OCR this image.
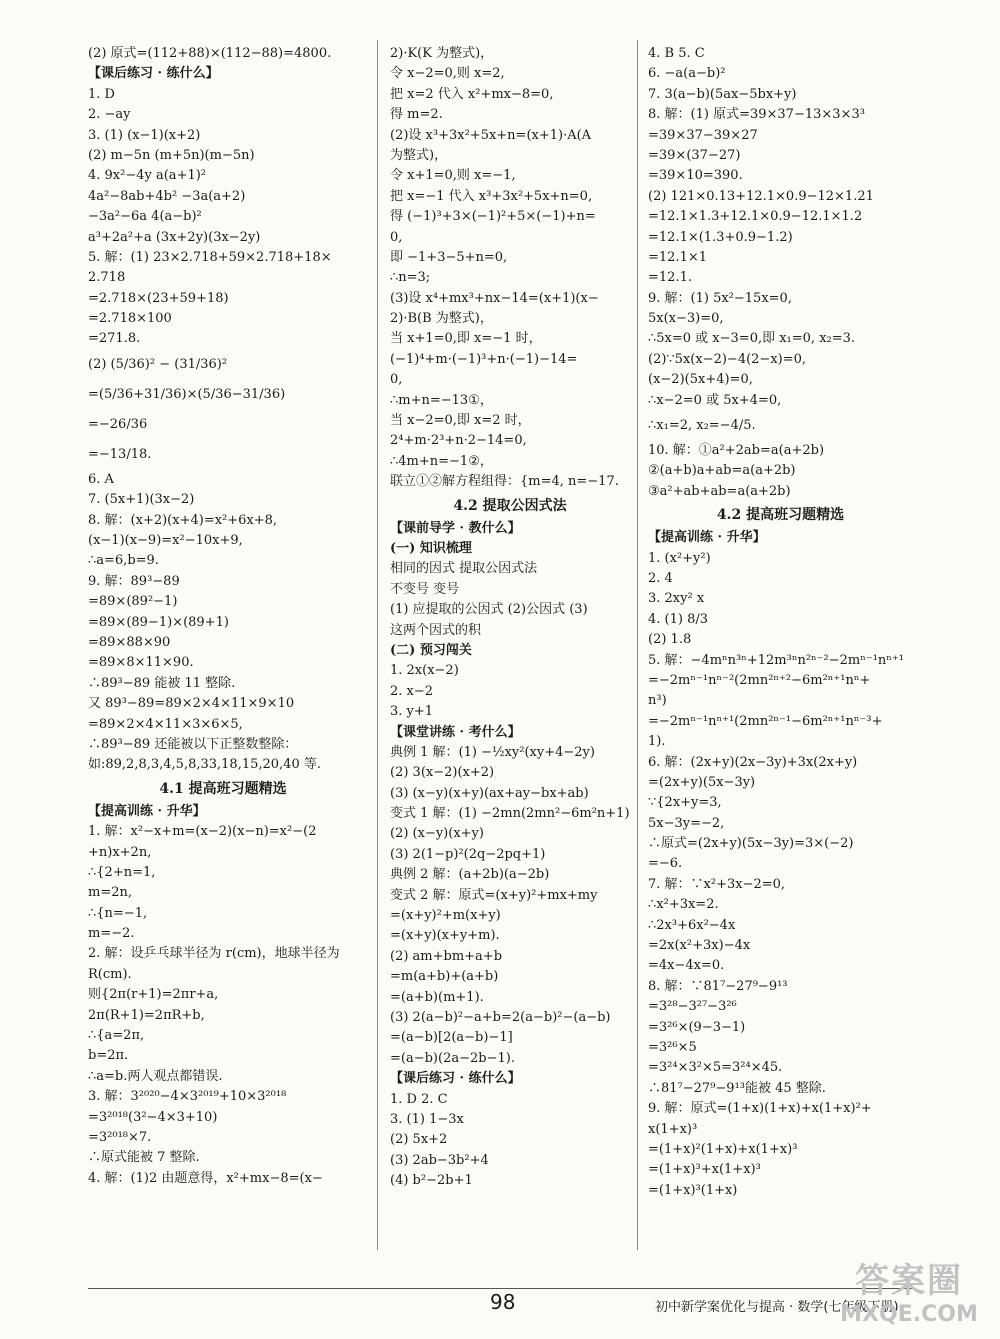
(2) 原式=(112+88)×(112−88)=4800.
【课后练习 · 练什么】
1. D
2. −ay
3. (1) (x−1)(x+2)
(2) m−5n (m+5n)(m−5n)
4. 9x²−4y a(a+1)²
4a²−8ab+4b² −3a(a+2)
−3a²−6a 4(a−b)²
a³+2a²+a (3x+2y)(3x−2y)
5. 解：(1) 23×2.718+59×2.718+18×
2.718
=2.718×(23+59+18)
=2.718×100
=271.8.
(2) (5/36)² − (31/36)²
=(5/36+31/36)×(5/36−31/36)
=−26/36
=−13/18.
6. A
7. (5x+1)(3x−2)
8. 解：(x+2)(x+4)=x²+6x+8,
(x−1)(x−9)=x²−10x+9,
∴a=6,b=9.
9. 解：89³−89
=89×(89²−1)
=89×(89−1)×(89+1)
=89×88×90
=89×8×11×90.
∴89³−89 能被 11 整除.
又 89³−89=89×2×4×11×9×10
=89×2×4×11×3×6×5,
∴89³−89 还能被以下正整数整除：
如:89,2,8,3,4,5,8,33,18,15,20,40 等.
4.1 提高班习题精选
【提高训练 · 升华】
1. 解：x²−x+m=(x−2)(x−n)=x²−(2
+n)x+2n,
∴{2+n=1,
m=2n,
∴{n=−1,
m=−2.
2. 解：设乒乓球半径为 r(cm)，地球半径为
R(cm).
则{2π(r+1)=2πr+a,
2π(R+1)=2πR+b,
∴{a=2π,
b=2π.
∴a=b.两人观点都错误.
3. 解：3²⁰²⁰−4×3²⁰¹⁹+10×3²⁰¹⁸
=3²⁰¹⁸(3²−4×3+10)
=3²⁰¹⁸×7.
∴原式能被 7 整除.
4. 解：(1)2 由题意得，x²+mx−8=(x−
2)·K(K 为整式)，
令 x−2=0,则 x=2,
把 x=2 代入 x²+mx−8=0,
得 m=2.
(2)设 x³+3x²+5x+n=(x+1)·A(A
为整式)，
令 x+1=0,则 x=−1,
把 x=−1 代入 x³+3x²+5x+n=0,
得 (−1)³+3×(−1)²+5×(−1)+n=
0,
即 −1+3−5+n=0,
∴n=3;
(3)设 x⁴+mx³+nx−14=(x+1)(x−
2)·B(B 为整式)，
当 x+1=0,即 x=−1 时，
(−1)⁴+m·(−1)³+n·(−1)−14=
0,
∴m+n=−13①，
当 x−2=0,即 x=2 时，
2⁴+m·2³+n·2−14=0,
∴4m+n=−1②，
联立①②解方程组得：{m=4, n=−17.
4.2 提取公因式法
【课前导学 · 教什么】
(一) 知识梳理
相同的因式 提取公因式法
不变号 变号
(1) 应提取的公因式 (2)公因式 (3)
这两个因式的积
(二) 预习闯关
1. 2x(x−2)
2. x−2
3. y+1
【课堂讲练 · 考什么】
典例 1 解：(1) −½xy²(xy+4−2y)
(2) 3(x−2)(x+2)
(3) (x−y)(x+y)(ax+ay−bx+ab)
变式 1 解：(1) −2mn(2mn²−6m²n+1)
(2) (x−y)(x+y)
(3) 2(1−p)²(2q−2pq+1)
典例 2 解：(a+2b)(a−2b)
变式 2 解：原式=(x+y)²+mx+my
=(x+y)²+m(x+y)
=(x+y)(x+y+m).
(2) am+bm+a+b
=m(a+b)+(a+b)
=(a+b)(m+1).
(3) 2(a−b)²−a+b=2(a−b)²−(a−b)
=(a−b)[2(a−b)−1]
=(a−b)(2a−2b−1).
【课后练习 · 练什么】
1. D 2. C
3. (1) 1−3x
(2) 5x+2
(3) 2ab−3b²+4
(4) b²−2b+1
4. B 5. C
6. −a(a−b)²
7. 3(a−b)(5ax−5bx+y)
8. 解：(1) 原式=39×37−13×3×3³
=39×37−39×27
=39×(37−27)
=39×10=390.
(2) 121×0.13+12.1×0.9−12×1.21
=12.1×1.3+12.1×0.9−12.1×1.2
=12.1×(1.3+0.9−1.2)
=12.1×1
=12.1.
9. 解：(1) 5x²−15x=0,
5x(x−3)=0,
∴5x=0 或 x−3=0,即 x₁=0, x₂=3.
(2)∵5x(x−2)−4(2−x)=0,
(x−2)(5x+4)=0,
∴x−2=0 或 5x+4=0,
∴x₁=2, x₂=−4/5.
10. 解：①a²+2ab=a(a+2b)
②(a+b)a+ab=a(a+2b)
③a²+ab+ab=a(a+2b)
4.2 提高班习题精选
【提高训练 · 升华】
1. (x²+y²)
2. 4
3. 2xy² x
4. (1) 8/3
(2) 1.8
5. 解：−4mⁿn³ⁿ+12m³ⁿn²ⁿ⁻²−2mⁿ⁻¹nⁿ⁺¹
=−2mⁿ⁻¹nⁿ⁻²(2mn²ⁿ⁺²−6m²ⁿ⁺¹nⁿ+
n³)
=−2mⁿ⁻¹nⁿ⁺¹(2mn²ⁿ⁻¹−6m²ⁿ⁺¹nⁿ⁻³+
1).
6. 解：(2x+y)(2x−3y)+3x(2x+y)
=(2x+y)(5x−3y)
∵{2x+y=3,
5x−3y=−2,
∴原式=(2x+y)(5x−3y)=3×(−2)
=−6.
7. 解：∵x²+3x−2=0,
∴x²+3x=2.
∴2x³+6x²−4x
=2x(x²+3x)−4x
=4x−4x=0.
8. 解：∵81⁷−27⁹−9¹³
=3²⁸−3²⁷−3²⁶
=3²⁶×(9−3−1)
=3²⁶×5
=3²⁴×3²×5=3²⁴×45.
∴81⁷−27⁹−9¹³能被 45 整除.
9. 解：原式=(1+x)(1+x)+x(1+x)²+
x(1+x)³
=(1+x)²(1+x)+x(1+x)³
=(1+x)³+x(1+x)³
=(1+x)³(1+x)
98	初中新学案优化与提高 · 数学(七年级下册)
答案圈
MXQE.COM
